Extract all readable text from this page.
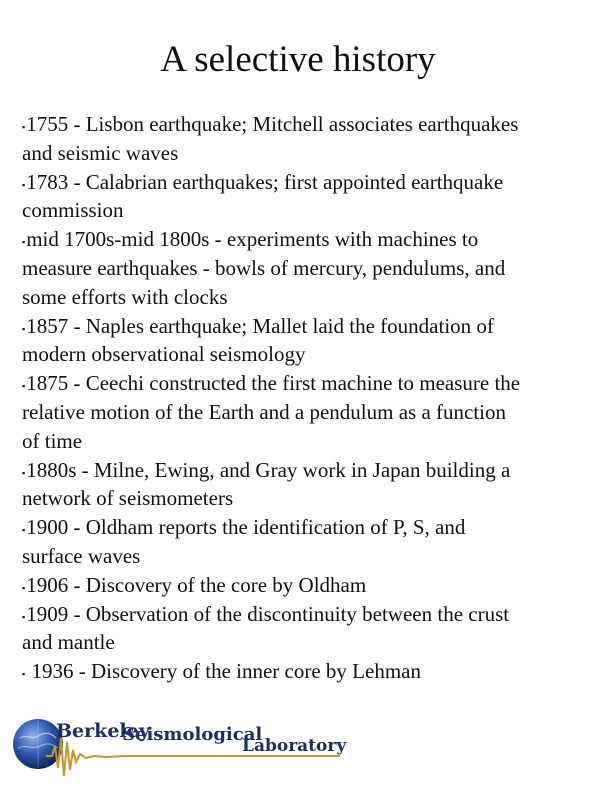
A selective history
▪1755 - Lisbon earthquake; Mitchell associates earthquakes
and seismic waves
▪1783 - Calabrian earthquakes; first appointed earthquake
commission
▪mid 1700s-mid 1800s - experiments with machines to
measure earthquakes - bowls of mercury, pendulums, and
some efforts with clocks
▪1857 - Naples earthquake; Mallet laid the foundation of
modern observational seismology
▪1875 - Ceechi constructed the first machine to measure the
relative motion of the Earth and a pendulum as a function
of time
▪1880s - Milne, Ewing, and Gray work in Japan building a
network of seismometers
▪1900 - Oldham reports the identification of P, S, and
surface waves
▪1906 - Discovery of the core by Oldham
▪1909 - Observation of the discontinuity between the crust
and mantle
▪ 1936 - Discovery of the inner core by Lehman
Berkeley
Seismological
Laboratory
